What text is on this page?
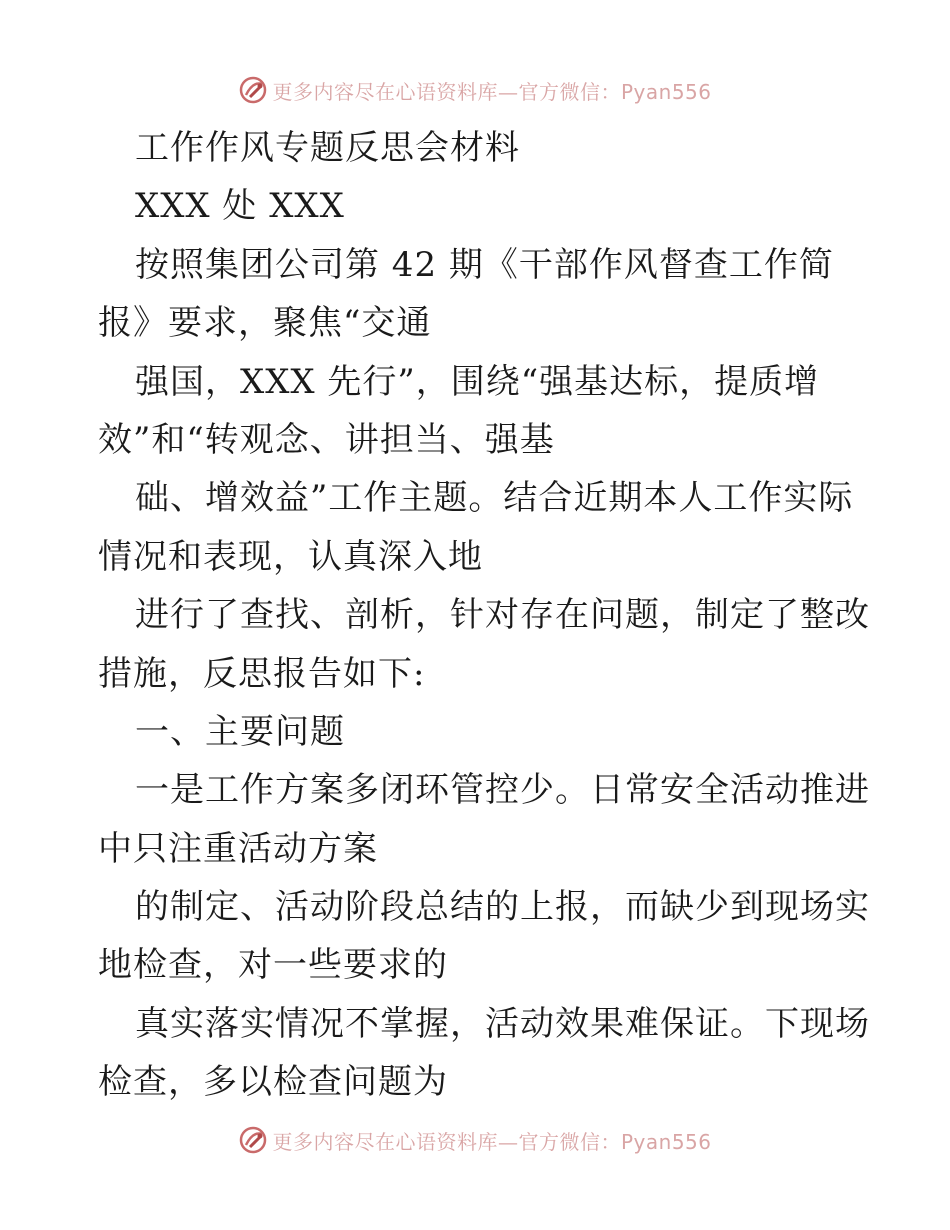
更多内容尽在心语资料库—官方微信：Pyan556
工作作风专题反思会材料
XXX 处 XXX
按照集团公司第 42 期《干部作风督查工作简
报》要求，聚焦“交通
强国，XXX 先行”，围绕“强基达标，提质增
效”和“转观念、讲担当、强基
础、增效益”工作主题。结合近期本人工作实际
情况和表现，认真深入地
进行了查找、剖析，针对存在问题，制定了整改
措施，反思报告如下:
一、主要问题
一是工作方案多闭环管控少。日常安全活动推进
中只注重活动方案
的制定、活动阶段总结的上报，而缺少到现场实
地检查，对一些要求的
真实落实情况不掌握，活动效果难保证。下现场
检查，多以检查问题为
更多内容尽在心语资料库—官方微信：Pyan556
